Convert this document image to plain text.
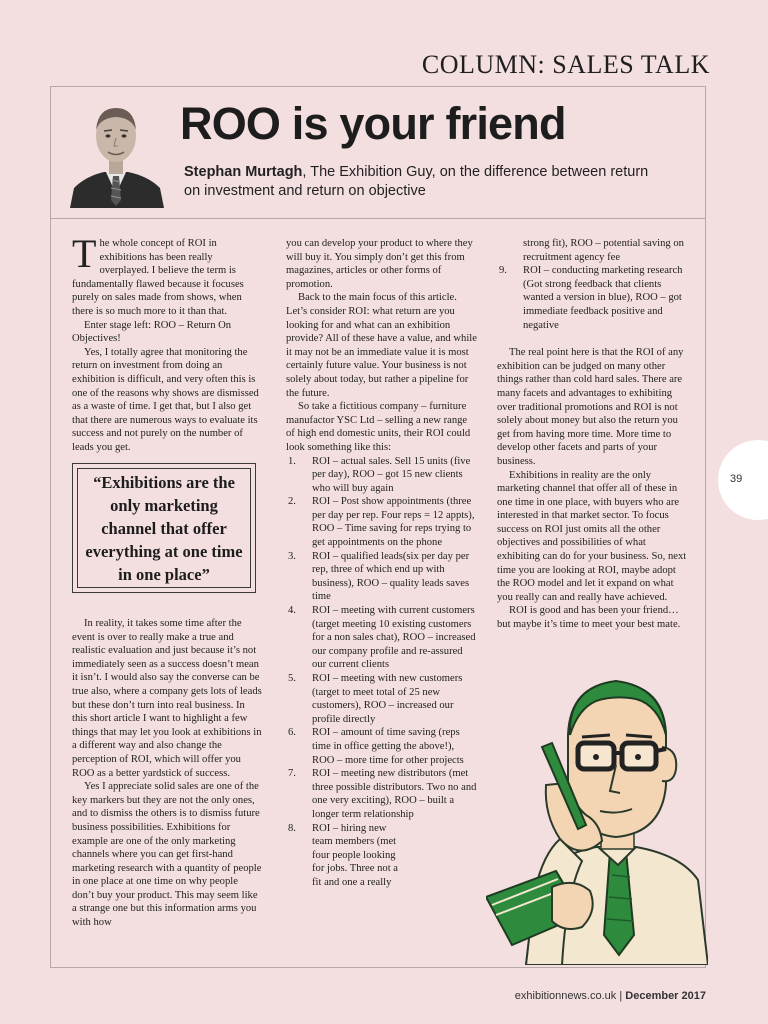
COLUMN: SALES TALK
ROO is your friend
Stephan Murtagh, The Exhibition Guy, on the difference between return on investment and return on objective

The whole concept of ROI in exhibitions has been really overplayed. I believe the term is fundamentally flawed because it focuses purely on sales made from shows, when there is so much more to it than that.

Enter stage left: ROO – Return On Objectives!

Yes, I totally agree that monitoring the return on investment from doing an exhibition is difficult, and very often this is one of the reasons why shows are dismissed as a waste of time. I get that, but I also get that there are numerous ways to evaluate its success and not purely on the number of leads you get.

“Exhibitions are the only marketing channel that offer everything at one time in one place”

In reality, it takes some time after the event is over to really make a true and realistic evaluation and just because it’s not immediately seen as a success doesn’t mean it isn’t. I would also say the converse can be true also, where a company gets lots of leads but these don’t turn into real business. In this short article I want to highlight a few things that may let you look at exhibitions in a different way and also change the perception of ROI, which will offer you ROO as a better yardstick of success.

Yes I appreciate solid sales are one of the key markers but they are not the only ones, and to dismiss the others is to dismiss future business possibilities. Exhibitions for example are one of the only marketing channels where you can get first-hand marketing research with a quantity of people in one place at one time on why people don’t buy your product. This may seem like a strange one but this information arms you with how

you can develop your product to where they will buy it. You simply don’t get this from magazines, articles or other forms of promotion.

Back to the main focus of this article. Let’s consider ROI: what return are you looking for and what can an exhibition provide? All of these have a value, and while it may not be an immediate value it is most certainly future value. Your business is not solely about today, but rather a pipeline for the future.

So take a fictitious company – furniture manufactor YSC Ltd – selling a new range of high end domestic units, their ROI could look something like this:

1.	ROI – actual sales. Sell 15 units (five per day), ROO – got 15 new clients who will buy again
2.	ROI – Post show appointments (three per day per rep. Four reps = 12 appts), ROO – Time saving for reps trying to get appointments on the phone
3.	ROI – qualified leads(six per day per rep, three of which end up with business), ROO – quality leads saves time
4.	ROI – meeting with current customers (target meeting 10 existing customers for a non sales chat), ROO – increased our company profile and re-assured our current clients
5.	ROI – meeting with new customers (target to meet total of 25 new customers), ROO – increased our profile directly
6.	ROI – amount of time saving (reps time in office getting the above!), ROO – more time for other projects
7.	ROI – meeting new distributors (met three possible distributors. Two no and one very exciting), ROO – built a longer term relationship
8.	ROI – hiring new team members (met four people looking for jobs. Three not a fit and one a really

strong fit), ROO – potential saving on recruitment agency fee

9.	ROI – conducting marketing research (Got strong feedback that clients wanted a version in blue), ROO – got immediate feedback positive and negative

The real point here is that the ROI of any exhibition can be judged on many other things rather than cold hard sales. There are many facets and advantages to exhibiting over traditional promotions and ROI is not solely about money but also the return you get from having more time. More time to develop other facets and parts of your business.

Exhibitions in reality are the only marketing channel that offer all of these in one time in one place, with buyers who are interested in that market sector. To focus success on ROI just omits all the other objectives and possibilities of what exhibiting can do for your business. So, next time you are looking at ROI, maybe adopt the ROO model and let it expand on what you really can and really have achieved.

ROI is good and has been your friend… but maybe it’s time to meet your best mate.

39
exhibitionnews.co.uk | December 2017
